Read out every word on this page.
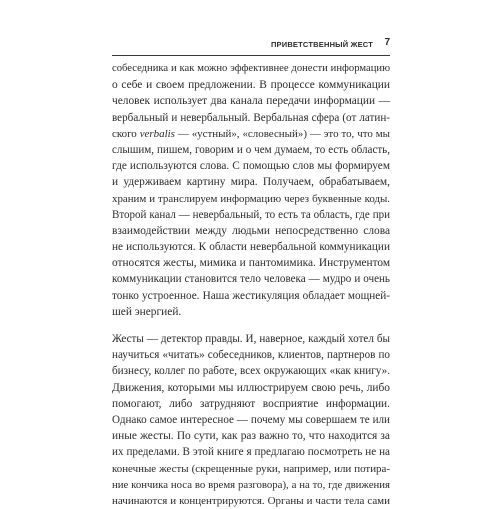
ПРИВЕТСТВЕННЫЙ ЖЕСТ 7
собеседника и как можно эффективнее донести информацию
о себе и своем предложении. В процессе коммуникации
человек использует два канала передачи информации —
вербальный и невербальный. Вербальная сфера (от латин-
ского verbalis — «устный», «словесный») — это то, что мы
слышим, пишем, говорим и о чем думаем, то есть область,
где используются слова. С помощью слов мы формируем
и удерживаем картину мира. Получаем, обрабатываем,
храним и транслируем информацию через буквенные коды.
Второй канал — невербальный, то есть та область, где при
взаимодействии между людьми непосредственно слова
не используются. К области невербальной коммуникации
относятся жесты, мимика и пантомимика. Инструментом
коммуникации становится тело человека — мудро и очень
тонко устроенное. Наша жестикуляция обладает мощней-
шей энергией.
Жесты — детектор правды. И, наверное, каждый хотел бы
научиться «читать» собеседников, клиентов, партнеров по
бизнесу, коллег по работе, всех окружающих «как книгу».
Движения, которыми мы иллюстрируем свою речь, либо
помогают, либо затрудняют восприятие информации.
Однако самое интересное — почему мы совершаем те или
иные жесты. По сути, как раз важно то, что находится за
их пределами. В этой книге я предлагаю посмотреть не на
конечные жесты (скрещенные руки, например, или потира-
ние кончика носа во время разговора), а на то, где движения
начинаются и концентрируются. Органы и части тела сами
